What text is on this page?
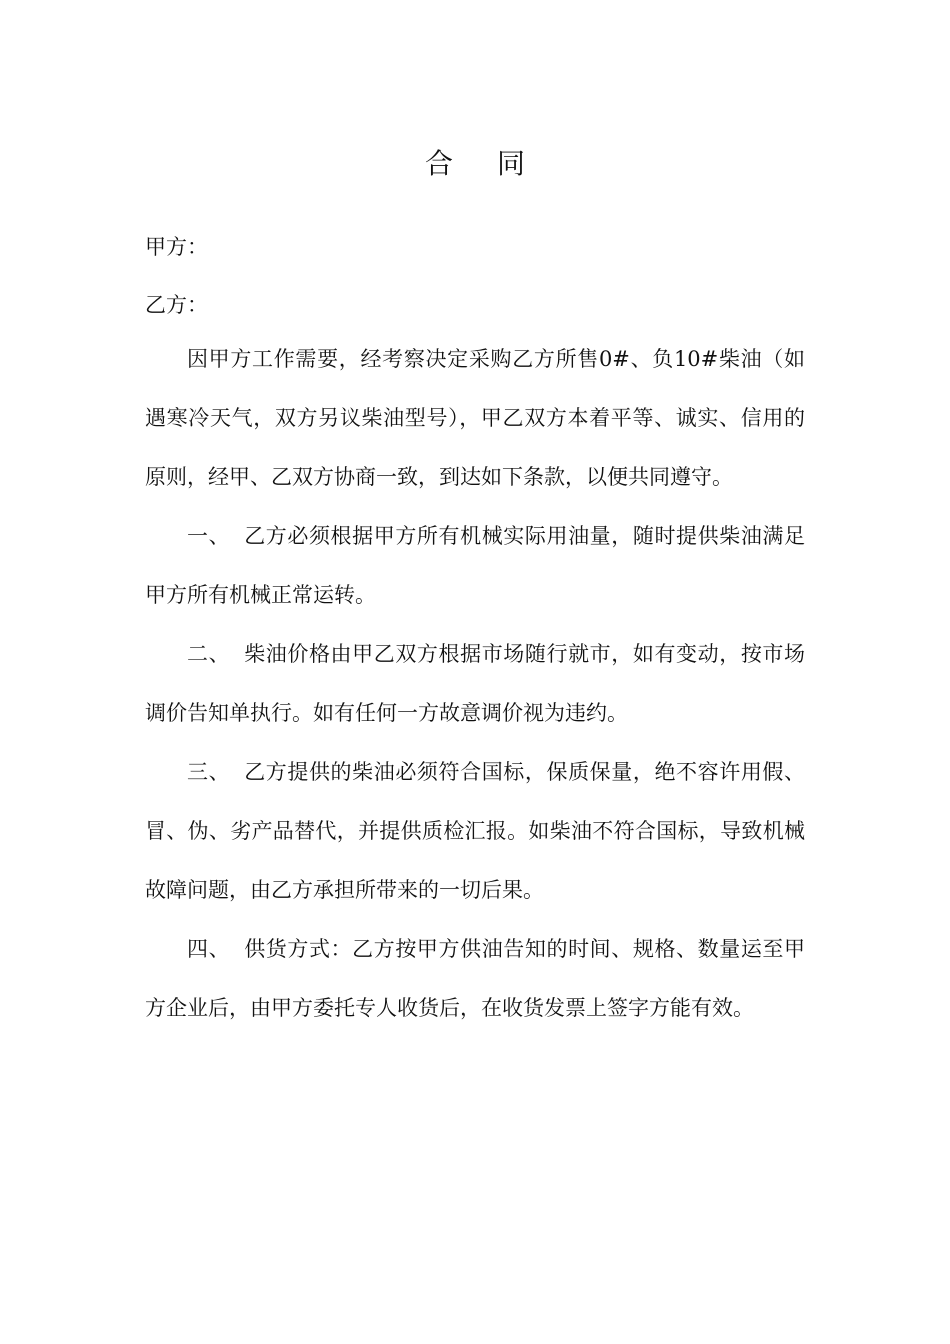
合 同
甲方：
乙方：

因甲方工作需要，经考察决定采购乙方所售0#、负10#柴油（如遇寒冷天气，双方另议柴油型号），甲乙双方本着平等、诚实、信用的原则，经甲、乙双方协商一致，到达如下条款，以便共同遵守。

一、 乙方必须根据甲方所有机械实际用油量，随时提供柴油满足甲方所有机械正常运转。

二、 柴油价格由甲乙双方根据市场随行就市，如有变动，按市场调价告知单执行。如有任何一方故意调价视为违约。

三、 乙方提供的柴油必须符合国标，保质保量，绝不容许用假、冒、伪、劣产品替代，并提供质检汇报。如柴油不符合国标，导致机械故障问题，由乙方承担所带来的一切后果。

四、 供货方式：乙方按甲方供油告知的时间、规格、数量运至甲方企业后，由甲方委托专人收货后，在收货发票上签字方能有效。
